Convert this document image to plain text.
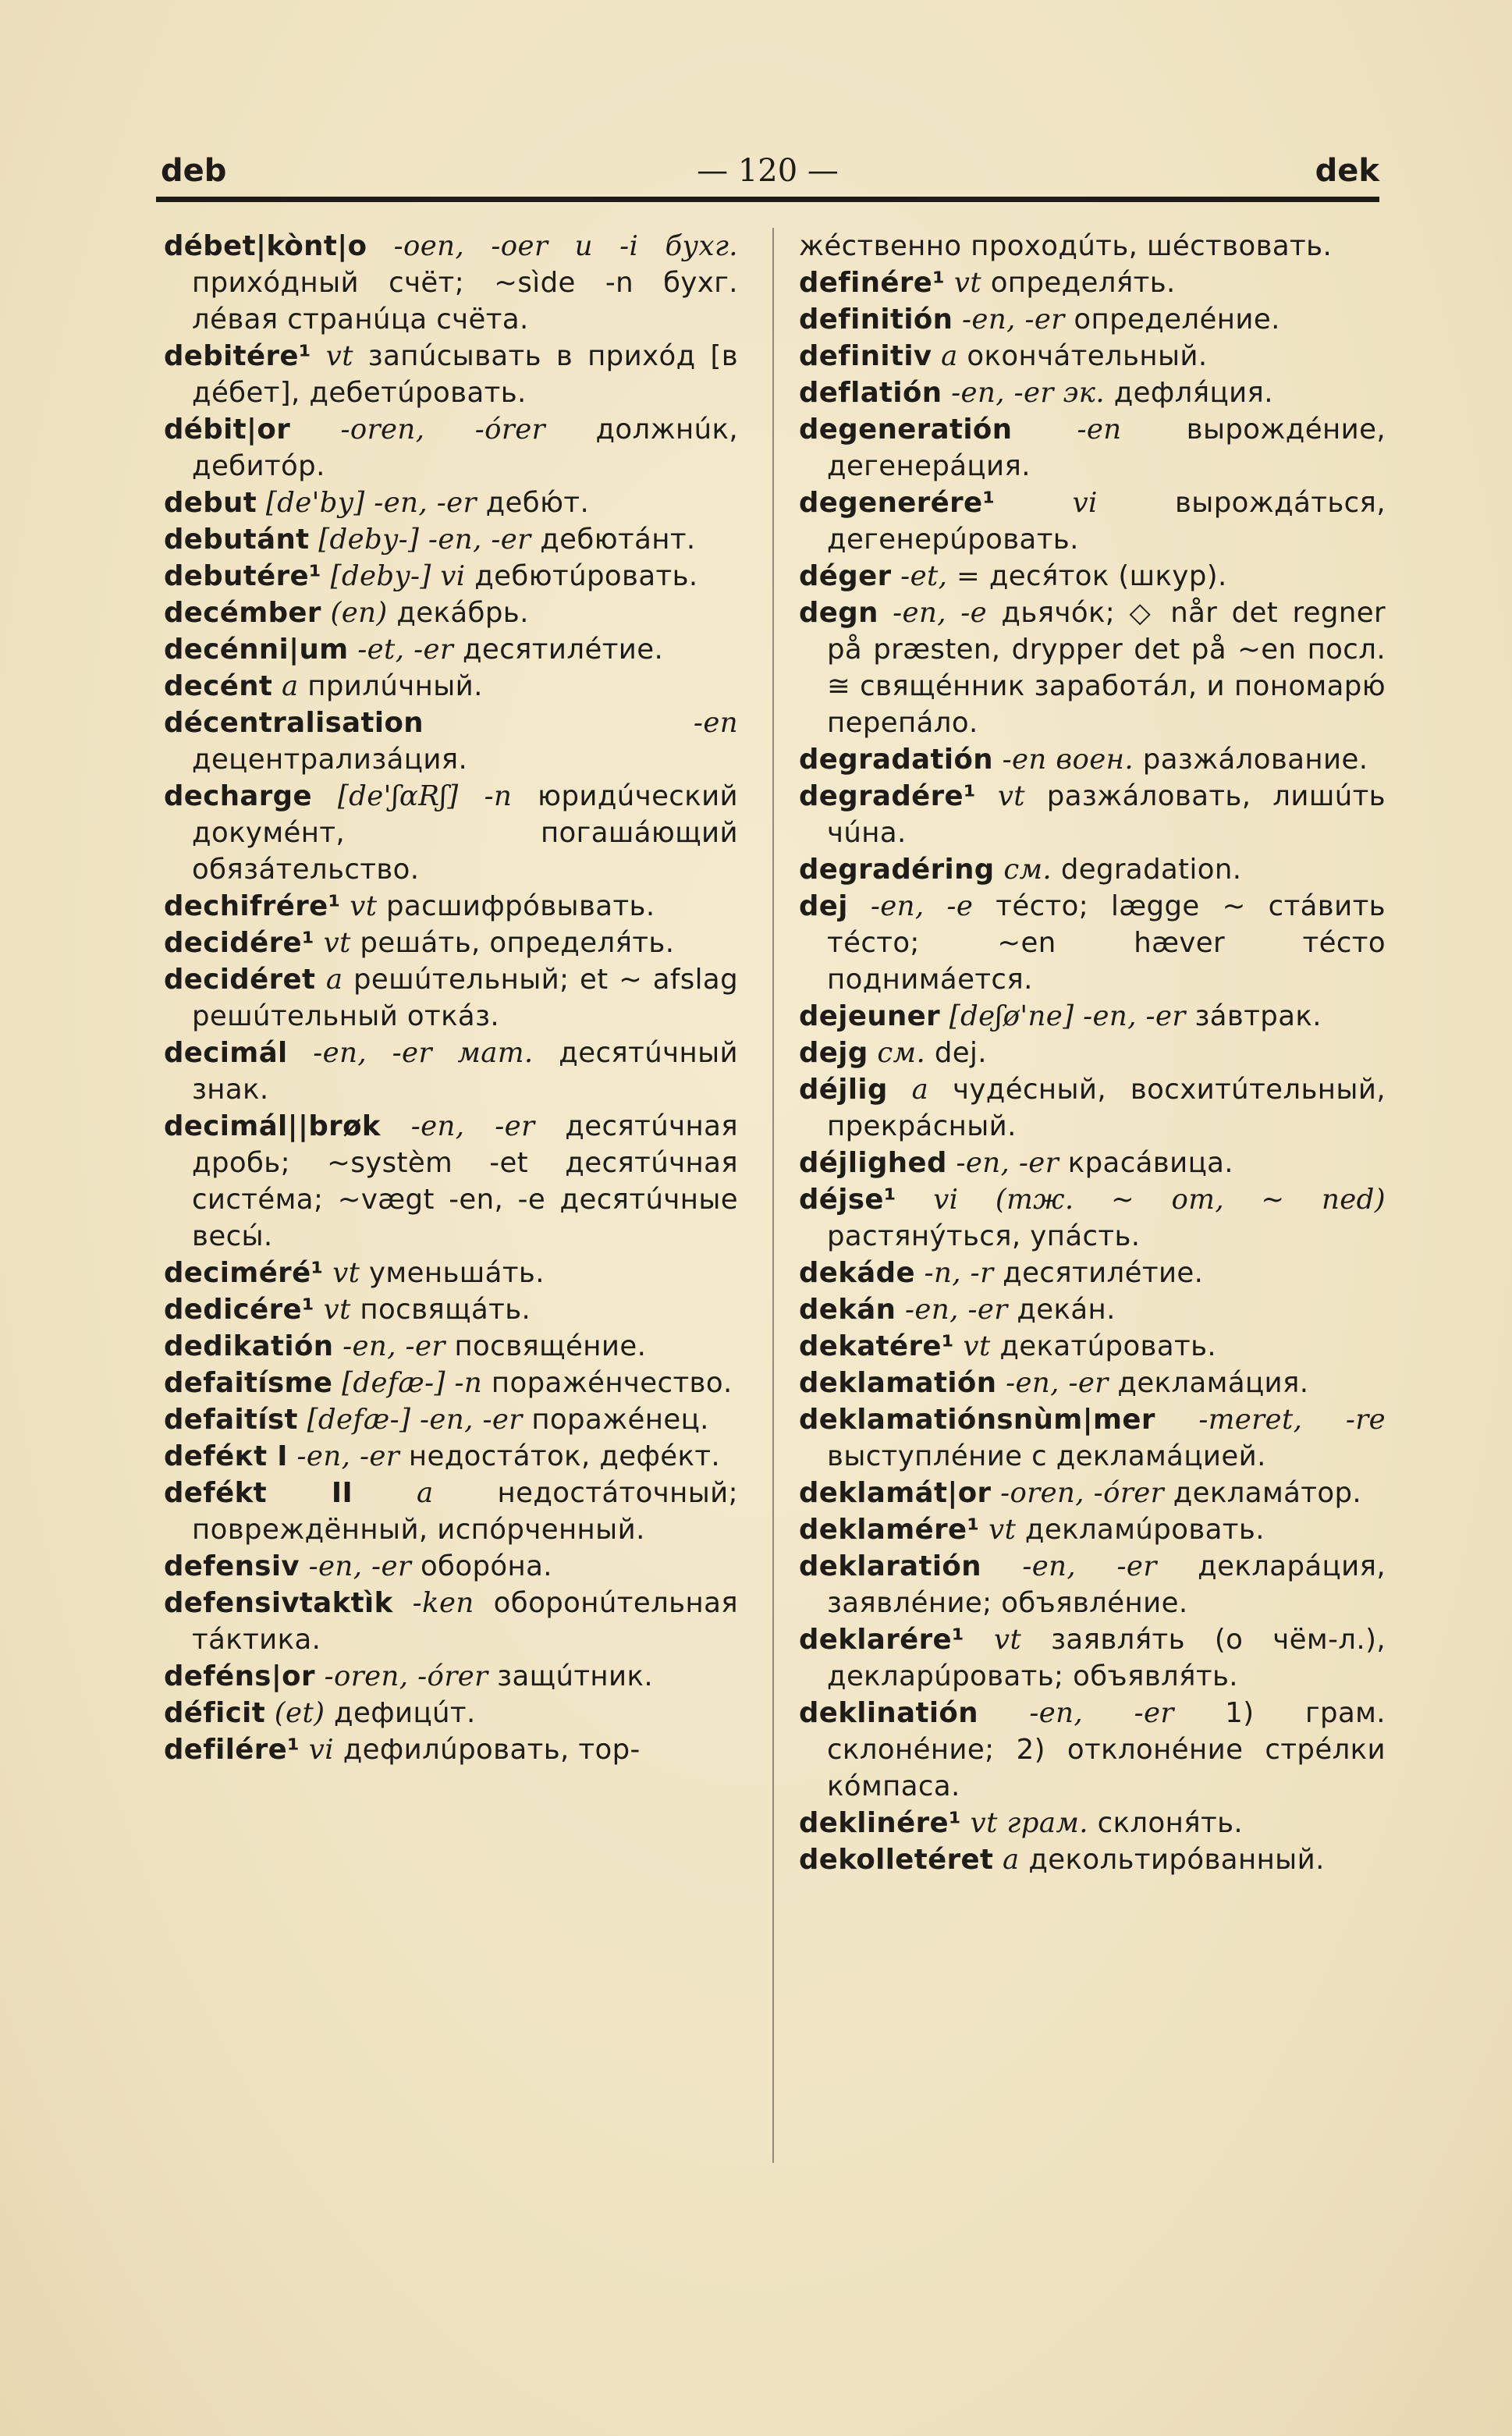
deb	— 120 —	dek

débet|kònt|o -oen, -oer u -i бухг. прихóдный счёт; ~sìde -n бухг. лéвая странúца счёта.

debitére¹ vt запúсывать в прихóд [в дéбет], дебетúровать.

débit|or -oren, -órer должнúк, дебитóр.

debut [de'by] -en, -er дебю́т.

debutánt [deby-] -en, -er дебютáнт.

debutére¹ [deby-] vi дебютúровать.

decémber (en) декáбрь.

decénni|um -et, -er десятилéтие.

decént a прилúчный.

décentralisation	-en децентрализáция.

decharge [de'ʃɑRʃ] -n юридúческий докумéнт, погашáющий обязáтельство.

dechifrére¹ vt расшифрóвывать.

decidére¹ vt решáть, определя́ть.

decidéret a решúтельный; et ~ afslag решúтельный откáз.

decimál -en, -er мат. десятúчный знак.

decimál||brøk -en, -er десятúчная дробь; ~systèm -et десятúчная систéма; ~vægt -en, -e десятúчные весы́.

deciméré¹ vt уменьшáть.

dedicére¹ vt посвящáть.

dedikatión -en, -er посвящéние.

defaitísme [defæ-] -n поражéнчество.

defaitíst [defæ-] -en, -er поражéнец.

deféкt I -en, -er недостáток, дефéкт.

defékt II a недостáточный; повреждённый, испóрченный.

defensiv -en, -er оборóна.

defensivtaktìk -ken оборонúтельная тáктика.

deféns|or -oren, -órer защúтник.

déficit (et) дефицúт.

defilére¹ vi дефилúровать, тор-

жéственно проходúть, шéствовать.

definére¹ vt определя́ть.

definitión -en, -er определéние.

definitiv a окончáтельный.

deflatión -en, -er эк. дефля́ция.

degeneratión -en вырождéние, дегенерáция.

degenerére¹	vi	вырождáться, дегенерúровать.

déger -et, = деся́ток (шкур).

degn -en, -e дьячóк; ◇ når det regner på præsten, drypper det på ~en посл. ≅ свящéнник заработáл, и пономарю́ перепáло.

degradatión -en воен. разжáлование.

degradére¹ vt разжáловать, лишúть чúна.

degradéring см. degradation.

dej -en, -e тéсто; lægge ~ стáвить тéсто; ~en hæver тéсто поднимáется.

dejeuner [deʃø'ne] -en, -er зáвтрак.

dejg см. dej.

déjlig a чудéсный, восхитúтельный, прекрáсный.

déjlighed -en, -er красáвица.

déjse¹ vi (тж. ~ om, ~ ned) растянýться, упáсть.

dekáde -n, -r десятилéтие.

dekán -en, -er декáн.

dekatére¹ vt декатúровать.

deklamatión -en, -er декламáция.

deklamatiónsnùm|mer -meret, -re выступлéние с декламáцией.

deklamát|or -oren, -órer декламáтор.

deklamére¹ vt декламúровать.

deklaratión -en, -er декларáция, заявлéние; объявлéние.

deklarére¹ vt заявля́ть (о чём-л.), декларúровать; объявля́ть.

deklinatión -en, -er 1) грам. склонéние; 2) отклонéние стрéлки кóмпаса.

deklinére¹ vt грам. склоня́ть.

dekolletéret a декольтирóванный.
